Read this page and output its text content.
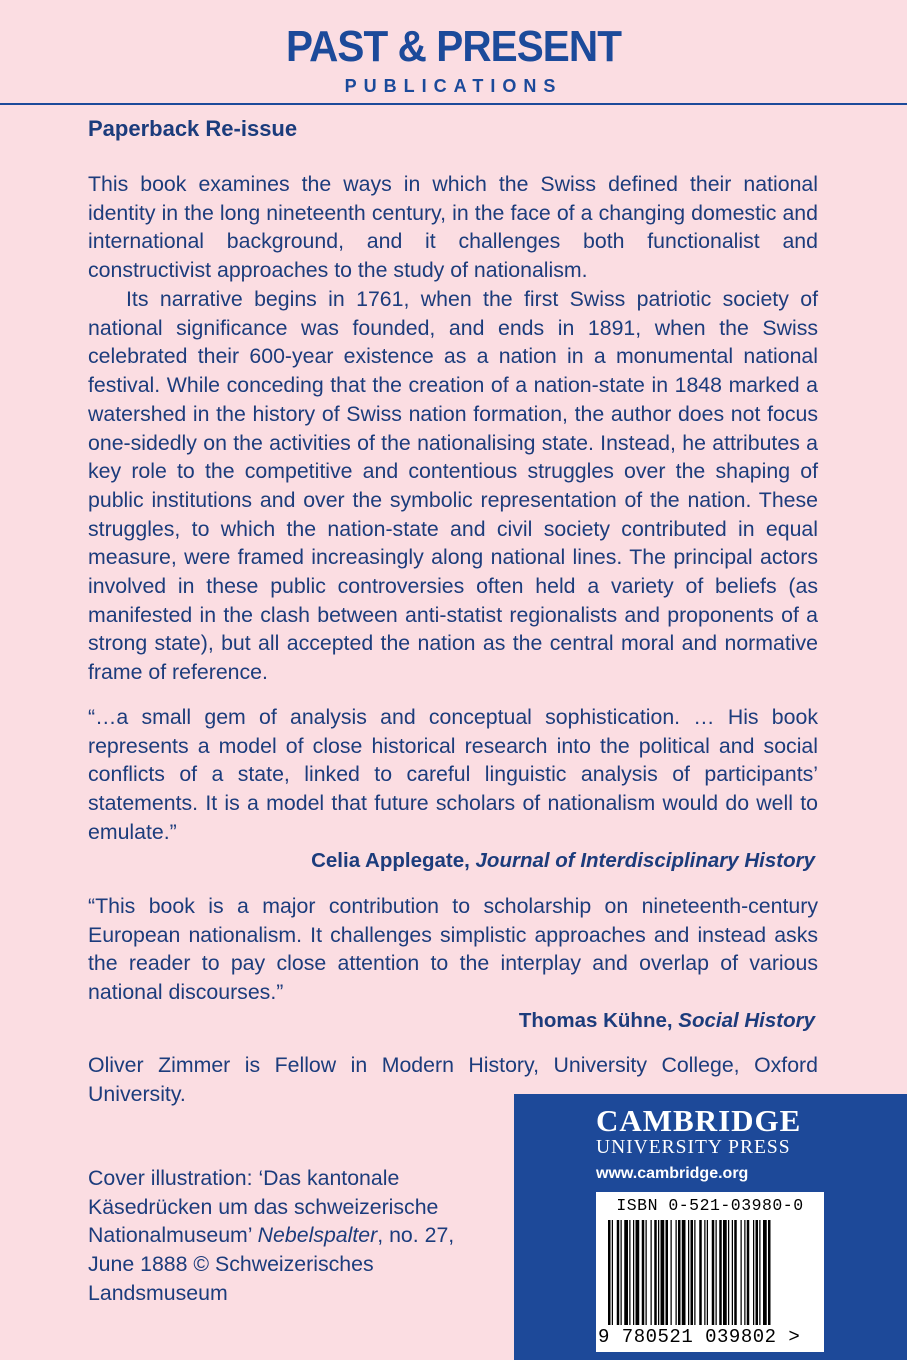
PAST & PRESENT
PUBLICATIONS
Paperback Re-issue
This book examines the ways in which the Swiss defined their national identity in the long nineteenth century, in the face of a changing domestic and international background, and it challenges both functionalist and constructivist approaches to the study of nationalism.
Its narrative begins in 1761, when the first Swiss patriotic society of national significance was founded, and ends in 1891, when the Swiss celebrated their 600-year existence as a nation in a monumental national festival. While conceding that the creation of a nation-state in 1848 marked a watershed in the history of Swiss nation formation, the author does not focus one-sidedly on the activities of the nationalising state. Instead, he attributes a key role to the competitive and contentious struggles over the shaping of public institutions and over the symbolic representation of the nation. These struggles, to which the nation-state and civil society contributed in equal measure, were framed increasingly along national lines. The principal actors involved in these public controversies often held a variety of beliefs (as manifested in the clash between anti-statist regionalists and proponents of a strong state), but all accepted the nation as the central moral and normative frame of reference.
“…a small gem of analysis and conceptual sophistication. … His book represents a model of close historical research into the political and social conflicts of a state, linked to careful linguistic analysis of participants’ statements. It is a model that future scholars of nationalism would do well to emulate.”
Celia Applegate, Journal of Interdisciplinary History
“This book is a major contribution to scholarship on nineteenth-century European nationalism. It challenges simplistic approaches and instead asks the reader to pay close attention to the interplay and overlap of various national discourses.”
Thomas Kühne, Social History
Oliver Zimmer is Fellow in Modern History, University College, Oxford University.
Cover illustration: ‘Das kantonale Käsedrücken um das schweizerische Nationalmuseum’ Nebelspalter, no. 27, June 1888 © Schweizerisches Landsmuseum
CAMBRIDGE
UNIVERSITY PRESS
www.cambridge.org
ISBN 0-521-03980-0
9 780521 039802 >
